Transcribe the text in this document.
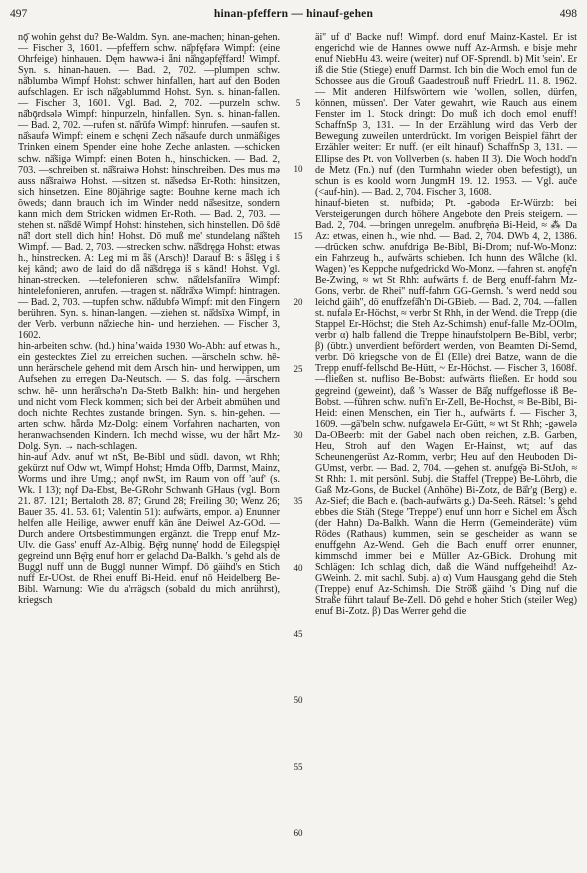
497	hinan-pfeffern — hinauf-gehen	498

nǭ̄ wohin gehst du? Be-Waldm. Syn. ane-machen; hinan-gehen. — Fischer 3, 1601. —pfeffern schw. nā̊pfęfərə Wimpf: (eine Ohrfeige) hinhauen. Dęm hawwə-i ǟni nā̊ngəpfę̄ffərd! Wimpf. Syn. s. hinan-hauen. — Bad. 2, 702. —plumpen schw. nā̊blumbə Wimpf Hohst: schwer hinfallen, hart auf den Boden aufschlagen. Er isch nā̊gəblummd Hohst. Syn. s. hinan-fallen. — Fischer 3, 1601. Vgl. Bad. 2, 702. —purzeln schw. nā̊bǭrdsələ Wimpf: hinpurzeln, hinfallen. Syn. s. hinan-fallen. — Bad. 2, 702. —rufen st. nā̊rūfə Wimpf: hinrufen. —saufen st. nā̊saufə Wimpf: einem e schęni Zech nā̊saufe durch unmäßiges Trinken einem Spender eine hohe Zeche anlasten. —schicken schw. nā̊šigə Wimpf: einen Boten h., hinschicken. — Bad. 2, 703. —schreiben st. nā̊šraiwə Hohst: hinschreiben. Des mus mə auss nā̊šraiwə Hohst. —sitzen st. nā̊sedsə Er-Roth: hinsitzen, sich hinsetzen. Eine 80jährige sagte: Bouhne kerne mach ich õweds; dann brauch ich im Winder nedd nā̊sesitze, sondern kann mich dem Stricken widmen Er-Roth. — Bad. 2, 703. —stehen st. nā̊šdē Wimpf Hohst: hinstehen, sich hinstellen. Dō šdē nā̊! dort stell dich hin! Hohst. Dō muß me' stundelang nā̊šteh Wimpf. — Bad. 2, 703. —strecken schw. nā̊šdręgə Hohst: etwas h., hinstrecken. A: Leg mi m ǟš (Arsch)! Darauf B: s ǟšlęg i š kej kānd; awo de laid do dǟ nā̊šdręgə iš s kānd! Hohst. Vgl. hinan-strecken. —telefonieren schw. nā̊delsfaniīrə Wimpf: hintelefonieren, anrufen. —tragen st. nā̊drā̊xə Wimpf: hintragen. — Bad. 2, 703. —tupfen schw. nā̊dubfə Wimpf: mit den Fingern berühren. Syn. s. hinan-langen. —ziehen st. nā̊dsīxə Wimpf, in der Verb. verbunn nā̊zieche hin- und herziehen. — Fischer 3, 1602.

hin-arbeiten schw. (hd.) hinaʼwaidə 1930 Wo-Abh: auf etwas h., ein gestecktes Ziel zu erreichen suchen. —ärscheln schw. hē- unn herärschele gehend mit dem Arsch hin- und herwippen, um Aufsehen zu erregen Da-Neutsch. — S. das folg. —ärschern schw. hē- unn herā̊rschə'n Da-Stetb Balkh: hin- und hergehen und nicht vom Fleck kommen; sich bei der Arbeit abmühen und doch nichte Rechtes zustande bringen. Syn. s. hin-gehen. —arten schw. hǟrdə Mz-Dolg: einem Vorfahren nacharten, von heranwachsenden Kindern. Ich mechd wisse, wu der hǟrt Mz-Dolg. Syn. → nach-schlagen.

hin-auf Adv. ǝnuf wt nSt, Be-Bibl und südl. davon, wt Rhh; gekürzt nuf Odw wt, Wimpf Hohst; Hmda Offb, Darmst, Mainz, Worms und ihre Umg.; ǝnǫf nwSt, im Raum von off 'auf' (s. Wk. I 13); nǫf Da-Ebst, Be-GRohr Schwanh GHaus (vgl. Born 21. 87. 121; Bertaloth 28. 87; Grund 28; Freiling 30; Wenz 26; Bauer 35. 41. 53. 61; Valentin 51): aufwärts, empor. a) Enunner helfen alle Heilige, awwer enuff kān ãne Deiwel Az-GOd. — Durch andere Ortsbestimmungen ergänzt. die Trepp enuf Mz-Ulv. die Gass' enuff Az-Albig. Bę̄rg nunnę' hodd de Eilegspięł gegreind unn Bę̄rg enuf horr er gelachd Da-Balkh. 's gehd als de Buggl nuff unn de Buggl nunner Wimpf. Dō gäihd's en Stich nuff Er-UOst. de Rhei enuff Bi-Heid. enuf nō Heidelberg Be-Bibl. Warnung: Wie du a'rrägsch (sobald du mich anrührst), kriegsch

5
10
15
20
25
30
35
40
45
50
55
60

äi'' uf d' Backe nuf! Wimpf. dord enuf Mainz-Kastel. Er ist engerichd wie de Hannes owwe nuff Az-Armsh. e bisje mehr enuf NiebHu 43. weire (weiter) nuf OF-Sprendl. b) Mit 'sein'. Er iß die Stie (Stiege) enuff Darmst. Ich bin die Woch emol fun de Schossee aus die Grouß Gaadestrouß nuff FriedrL 11. 8. 1962. — Mit anderen Hilfswörtern wie 'wollen, sollen, dürfen, können, müssen'. Der Vater gewahrt, wie Rauch aus einem Fenster im 1. Stock dringt: Do muß ich doch emol enuff! SchaffnSp 3, 131. — In der Erzählung wird das Verb der Bewegung zuweilen unterdrückt. Im vorigen Beispiel fährt der Erzähler weiter: Er nuff. (er eilt hinauf) SchaffnSp 3, 131. — Ellipse des Pt. von Vollverben (s. haben II 3). Die Woch hodd'n de Metz (Fn.) nuf (den Turmhahn wieder oben befestigt), un schun is es koold worn JungmH 19. 12. 1953. — Vgl. auče (<auf-hin). — Bad. 2, 704. Fischer 3, 1608.

hinauf-bieten st. nufbidə; Pt. -gəbodə Er-Würzb: bei Versteigerungen durch höhere Angebote den Preis steigern. — Bad. 2, 704. —bringen unregelm. ənufbręṅə Bi-Heid, ≈ ⁂ Da Az: etwas, einen h., wie nhd. — Bad. 2, 704. DWb 4, 2, 1386. —drücken schw. ənufdrigə Be-Bibl, Bi-Drom; nuf-Wo-Monz: ein Fahrzeug h., aufwärts schieben. Ich hunn des Wǟlche (kl. Wagen) 'es Keppche nufgedrickd Wo-Monz. —fahren st. ənǫfę̄'n Be-Zwing, ≈ wt St Rhh: aufwärts f. de Berg enuff-fahrn Mz-Gons, verbr. de Rhei'' nuff-fahrn GG-Gernsh. 's werd nedd sou leichd gäih'', dö enuffzefā̊h'n Di-GBieb. — Bad. 2, 704. —fallen st. nufalə Er-Höchst, ≈ verbr St Rhh, in der Wend. die Trepp (die Stappel Er-Höchst; die Steh Az-Schimsh) enuf-falle Mz-OOlm, verbr α) halb fallend die Treppe hinaufstolpern Be-Bibl, verbr; β) (übtr.) unverdient befördert werden, von Beamten Di-Semd, verbr. Dö kriegsche von de Ël (Elle) drei Batze, wann de die Trepp enuff-fellschd Be-Hütt, ~ Er-Höchst. — Fischer 3, 1608f. —fließen st. nufliso Be-Bobst: aufwärts fließen. Er hodd sou gegreind (geweint), daß 's Wasser de Bā̊g nuffgeflosse iß Be-Bobst. —führen schw. nufi'n Er-Zell, Be-Hochst, ≈ Be-Bibl, Bi-Heid: einen Menschen, ein Tier h., aufwärts f. — Fischer 3, 1609. —gä'beln schw. nufgawelə Er-Gütt, ≈ wt St Rhh; -gəwelə Da-OBeerb: mit der Gabel nach oben reichen, z.B. Garben, Heu, Stroh auf den Wagen Er-Hainst, wt; auf das Scheunengerüst Az-Romm, verbr; Heu auf den Heuboden Di-GUmst, verbr. — Bad. 2, 704. —gehen st. ənufgę̄ə Bi-StJoh, ≈ St Rhh: 1. mit persönl. Subj. die Staffel (Treppe) Be-Löhrb, die Gaß Mz-Gons, de Buckel (Anhöhe) Bi-Zotz, de Bā̊r'g (Berg) e. Az-Sief; die Bach e. (bach-aufwärts g.) Da-Seeh. Rätsel: 's gehd ebbes die Stäh (Stege 'Treppe') enuf unn horr e Sichel em Ā̊sch (der Hahn) Da-Balkh. Wann die Herrn (Gemeinderäte) vüm Rödes (Rathaus) kummen, sein se gescheider as wann se enuffgehn Az-Wend. Geh die Bach enuff orrer enunner, kimmschd immer bei e Müller Az-GBick. Drohung mit Schlägen: Ich schlag dich, daß die Wänd nuffgeheihd! Az-GWeinh. 2. mit sachl. Subj. a) α) Vum Hausgang gehd die Steh (Treppe) enuf Az-Schimsh. Die Strö̆ß gäihd 's Ding nuf die Straße führt talauf Be-Zell. Dō gehd e hoher Stich (steiler Weg) enuf Bi-Zotz. β) Das Werrer gehd die
